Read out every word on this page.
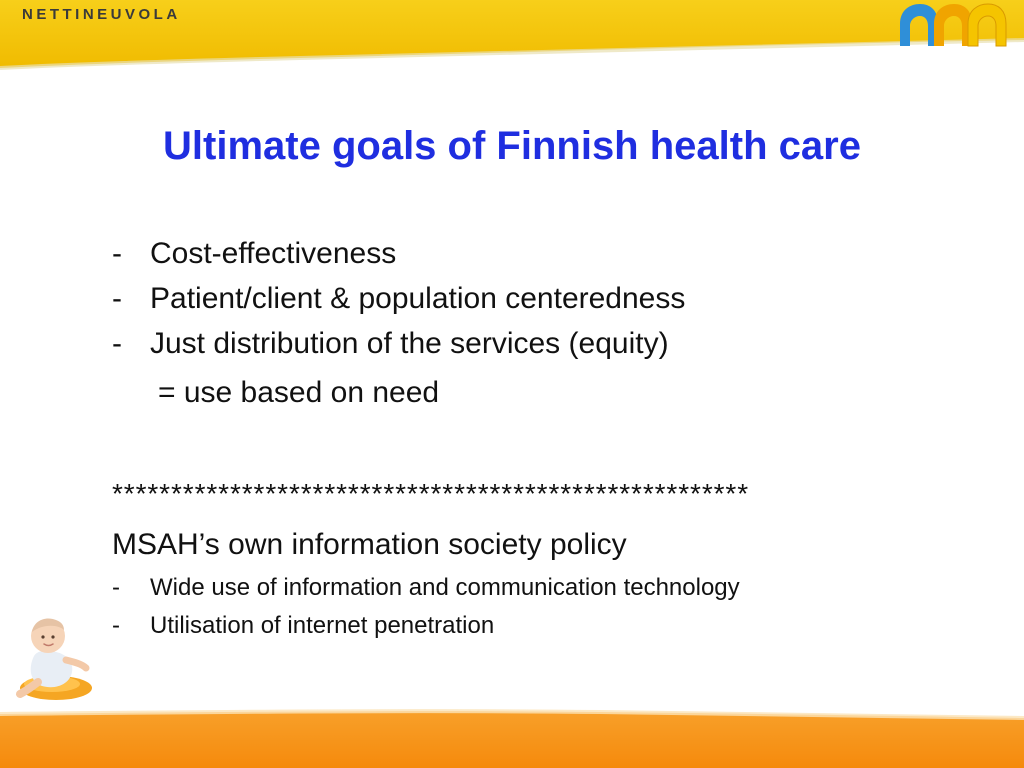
NETTINEUVOLA
Ultimate goals of Finnish health care
- Cost-effectiveness
- Patient/client & population centeredness
- Just distribution of the services (equity)
= use based on need
******************************************************
MSAH’s own information society policy
- Wide use of information and communication technology
- Utilisation of internet penetration
